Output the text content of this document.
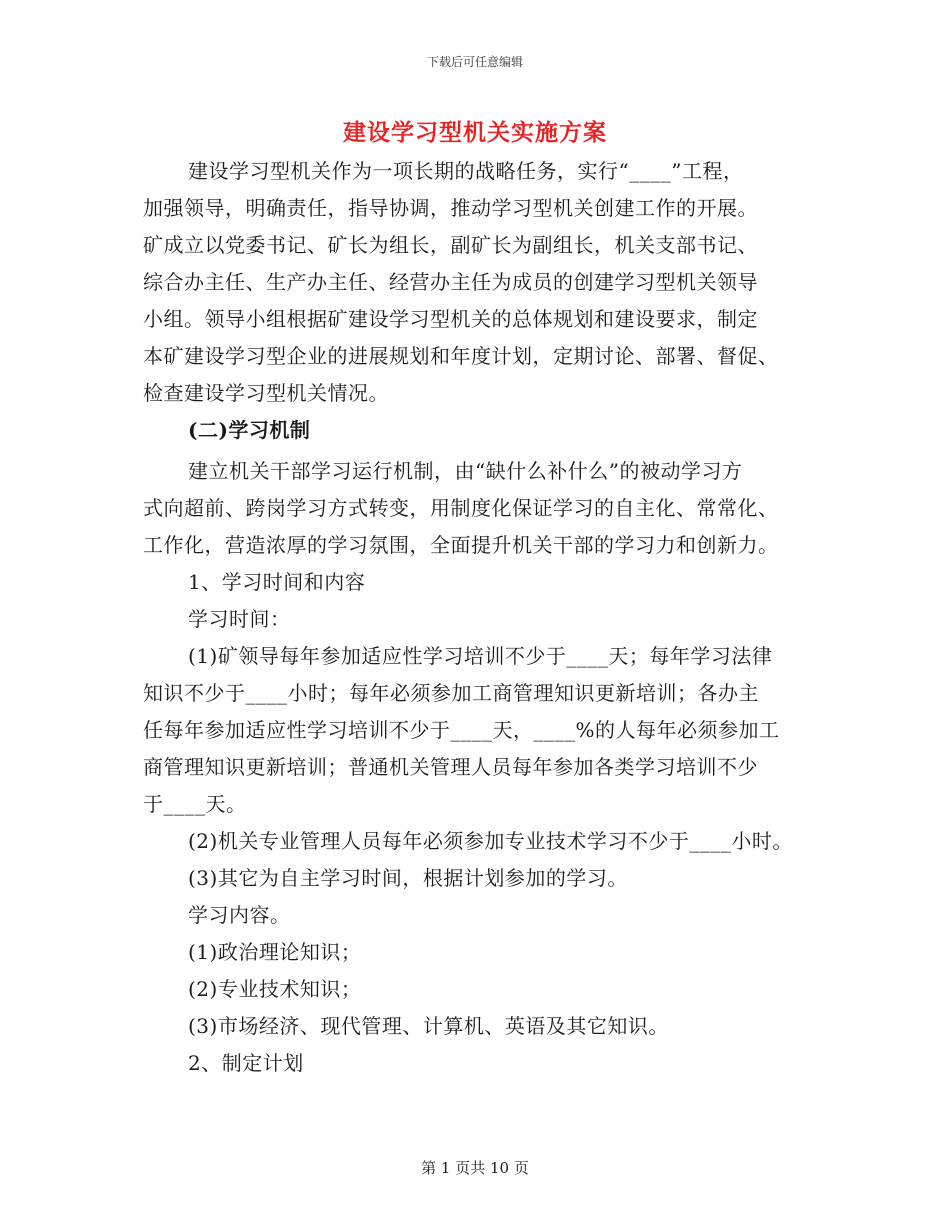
下载后可任意编辑
建设学习型机关实施方案
建设学习型机关作为一项长期的战略任务，实行“____”工程，
加强领导，明确责任，指导协调，推动学习型机关创建工作的开展。
矿成立以党委书记、矿长为组长，副矿长为副组长，机关支部书记、
综合办主任、生产办主任、经营办主任为成员的创建学习型机关领导
小组。领导小组根据矿建设学习型机关的总体规划和建设要求，制定
本矿建设学习型企业的进展规划和年度计划，定期讨论、部署、督促、
检查建设学习型机关情况。
(二)学习机制
建立机关干部学习运行机制，由“缺什么补什么”的被动学习方
式向超前、跨岗学习方式转变，用制度化保证学习的自主化、常常化、
工作化，营造浓厚的学习氛围，全面提升机关干部的学习力和创新力。
1、学习时间和内容
学习时间：
(1)矿领导每年参加适应性学习培训不少于____天；每年学习法律
知识不少于____小时；每年必须参加工商管理知识更新培训；各办主
任每年参加适应性学习培训不少于____天，____%的人每年必须参加工
商管理知识更新培训；普通机关管理人员每年参加各类学习培训不少
于____天。
(2)机关专业管理人员每年必须参加专业技术学习不少于____小时。
(3)其它为自主学习时间，根据计划参加的学习。
学习内容。
(1)政治理论知识；
(2)专业技术知识；
(3)市场经济、现代管理、计算机、英语及其它知识。
2、制定计划
第 1 页共 10 页
